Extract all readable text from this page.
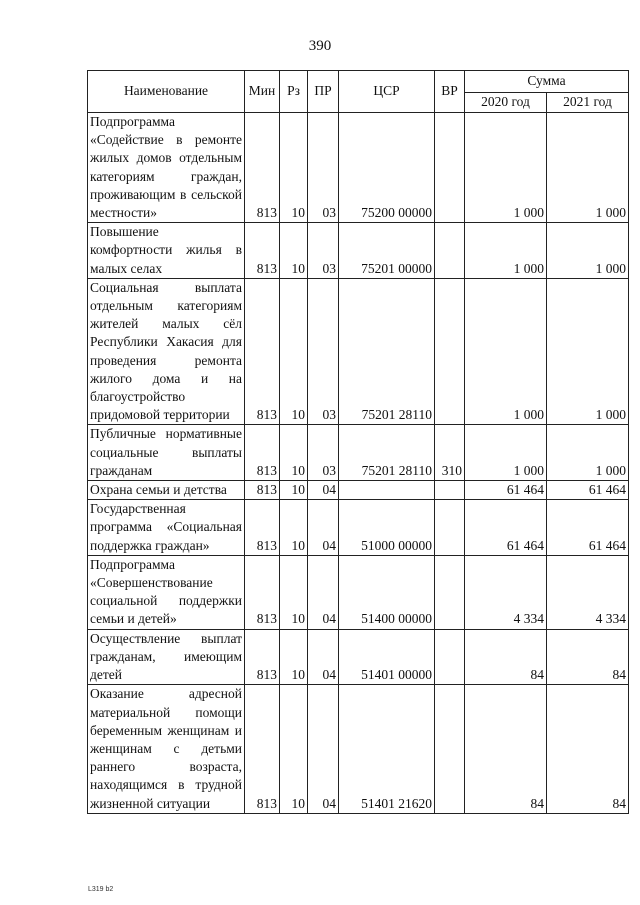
390
Наименование	Мин	Рз	ПР	ЦСР	ВР	Сумма	
						2020 год	2021 год
Подпрограмма «Содействие в ремонте жилых домов отдельным категориям граждан, проживающим в сельской местности»	813	10	03	75200 00000		1 000	1 000
Повышение комфортности жилья в малых селах	813	10	03	75201 00000		1 000	1 000
Социальная выплата отдельным категориям жителей малых сёл Республики Хакасия для проведения ремонта жилого дома и на благоустройство придомовой территории	813	10	03	75201 28110		1 000	1 000
Публичные нормативные социальные выплаты гражданам	813	10	03	75201 28110	310	1 000	1 000
Охрана семьи и детства	813	10	04			61 464	61 464
Государственная программа «Социальная поддержка граждан»	813	10	04	51000 00000		61 464	61 464
Подпрограмма «Совершенствование социальной поддержки семьи и детей»	813	10	04	51400 00000		4 334	4 334
Осуществление выплат гражданам, имеющим детей	813	10	04	51401 00000		84	84
Оказание адресной материальной помощи беременным женщинам и женщинам с детьми раннего возраста, находящимся в трудной жизненной ситуации	813	10	04	51401 21620		84	84
L319 b2
